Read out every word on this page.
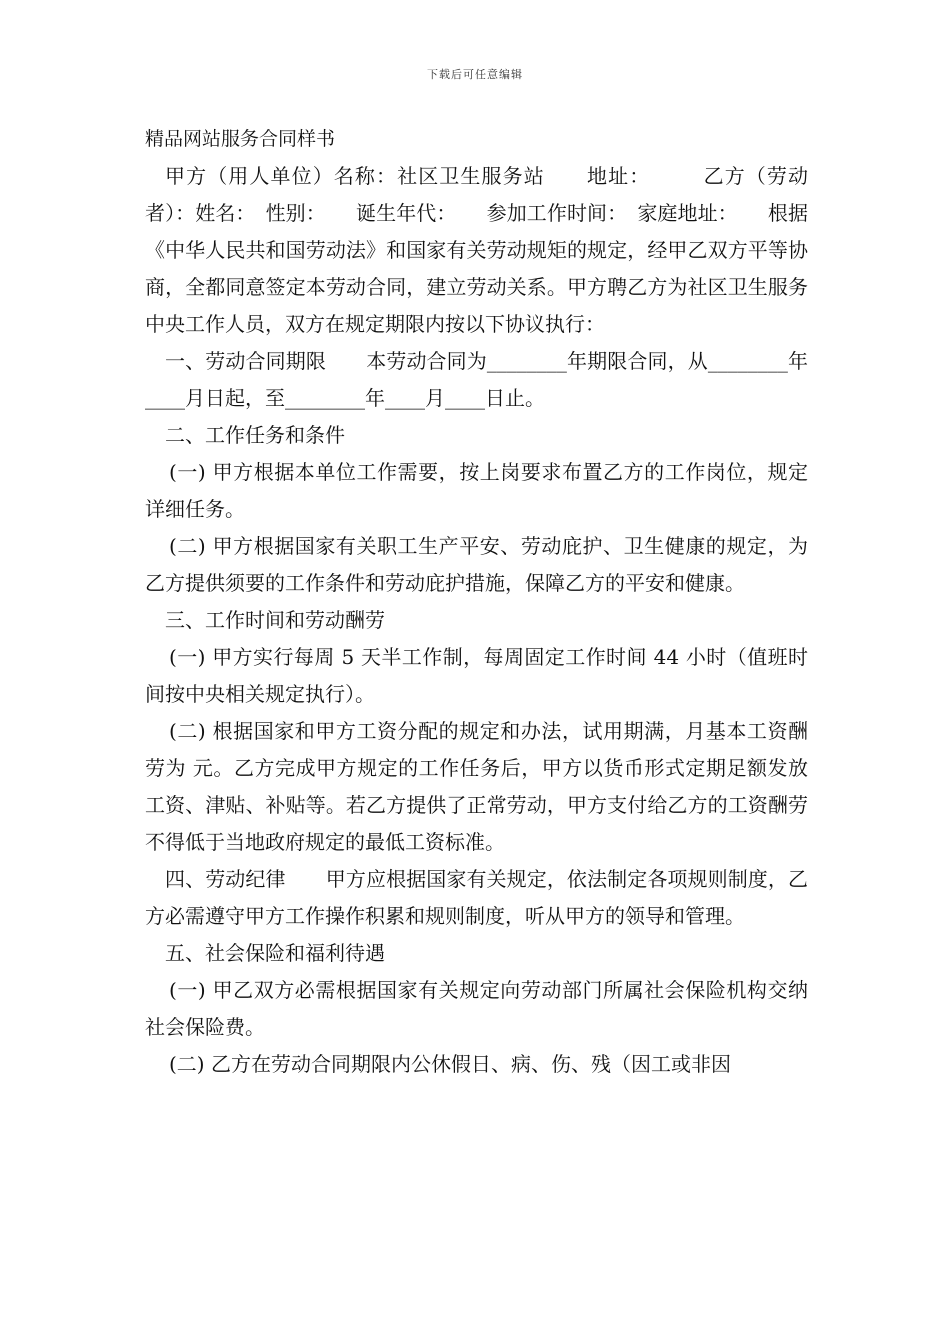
下载后可任意编辑

精品网站服务合同样书

甲方（用人单位）名称：社区卫生服务站　　地址：　　　乙方（劳动者）：姓名：　性别：　　诞生年代：　　参加工作时间：　家庭地址：　　根据《中华人民共和国劳动法》和国家有关劳动规矩的规定，经甲乙双方平等协商，全都同意签定本劳动合同，建立劳动关系。甲方聘乙方为社区卫生服务中央工作人员，双方在规定期限内按以下协议执行：

一、劳动合同期限　　本劳动合同为________年期限合同，从________年____月日起，至________年____月____日止。

二、工作任务和条件

(一) 甲方根据本单位工作需要，按上岗要求布置乙方的工作岗位，规定详细任务。

(二) 甲方根据国家有关职工生产平安、劳动庇护、卫生健康的规定，为乙方提供须要的工作条件和劳动庇护措施，保障乙方的平安和健康。

三、工作时间和劳动酬劳

(一) 甲方实行每周 5 天半工作制，每周固定工作时间 44 小时（值班时间按中央相关规定执行）。

(二) 根据国家和甲方工资分配的规定和办法，试用期满，月基本工资酬劳为 元。乙方完成甲方规定的工作任务后，甲方以货币形式定期足额发放工资、津贴、补贴等。若乙方提供了正常劳动，甲方支付给乙方的工资酬劳不得低于当地政府规定的最低工资标准。

四、劳动纪律　　甲方应根据国家有关规定，依法制定各项规则制度，乙方必需遵守甲方工作操作积累和规则制度，听从甲方的领导和管理。

五、社会保险和福利待遇

(一) 甲乙双方必需根据国家有关规定向劳动部门所属社会保险机构交纳社会保险费。

(二) 乙方在劳动合同期限内公休假日、病、伤、残（因工或非因
